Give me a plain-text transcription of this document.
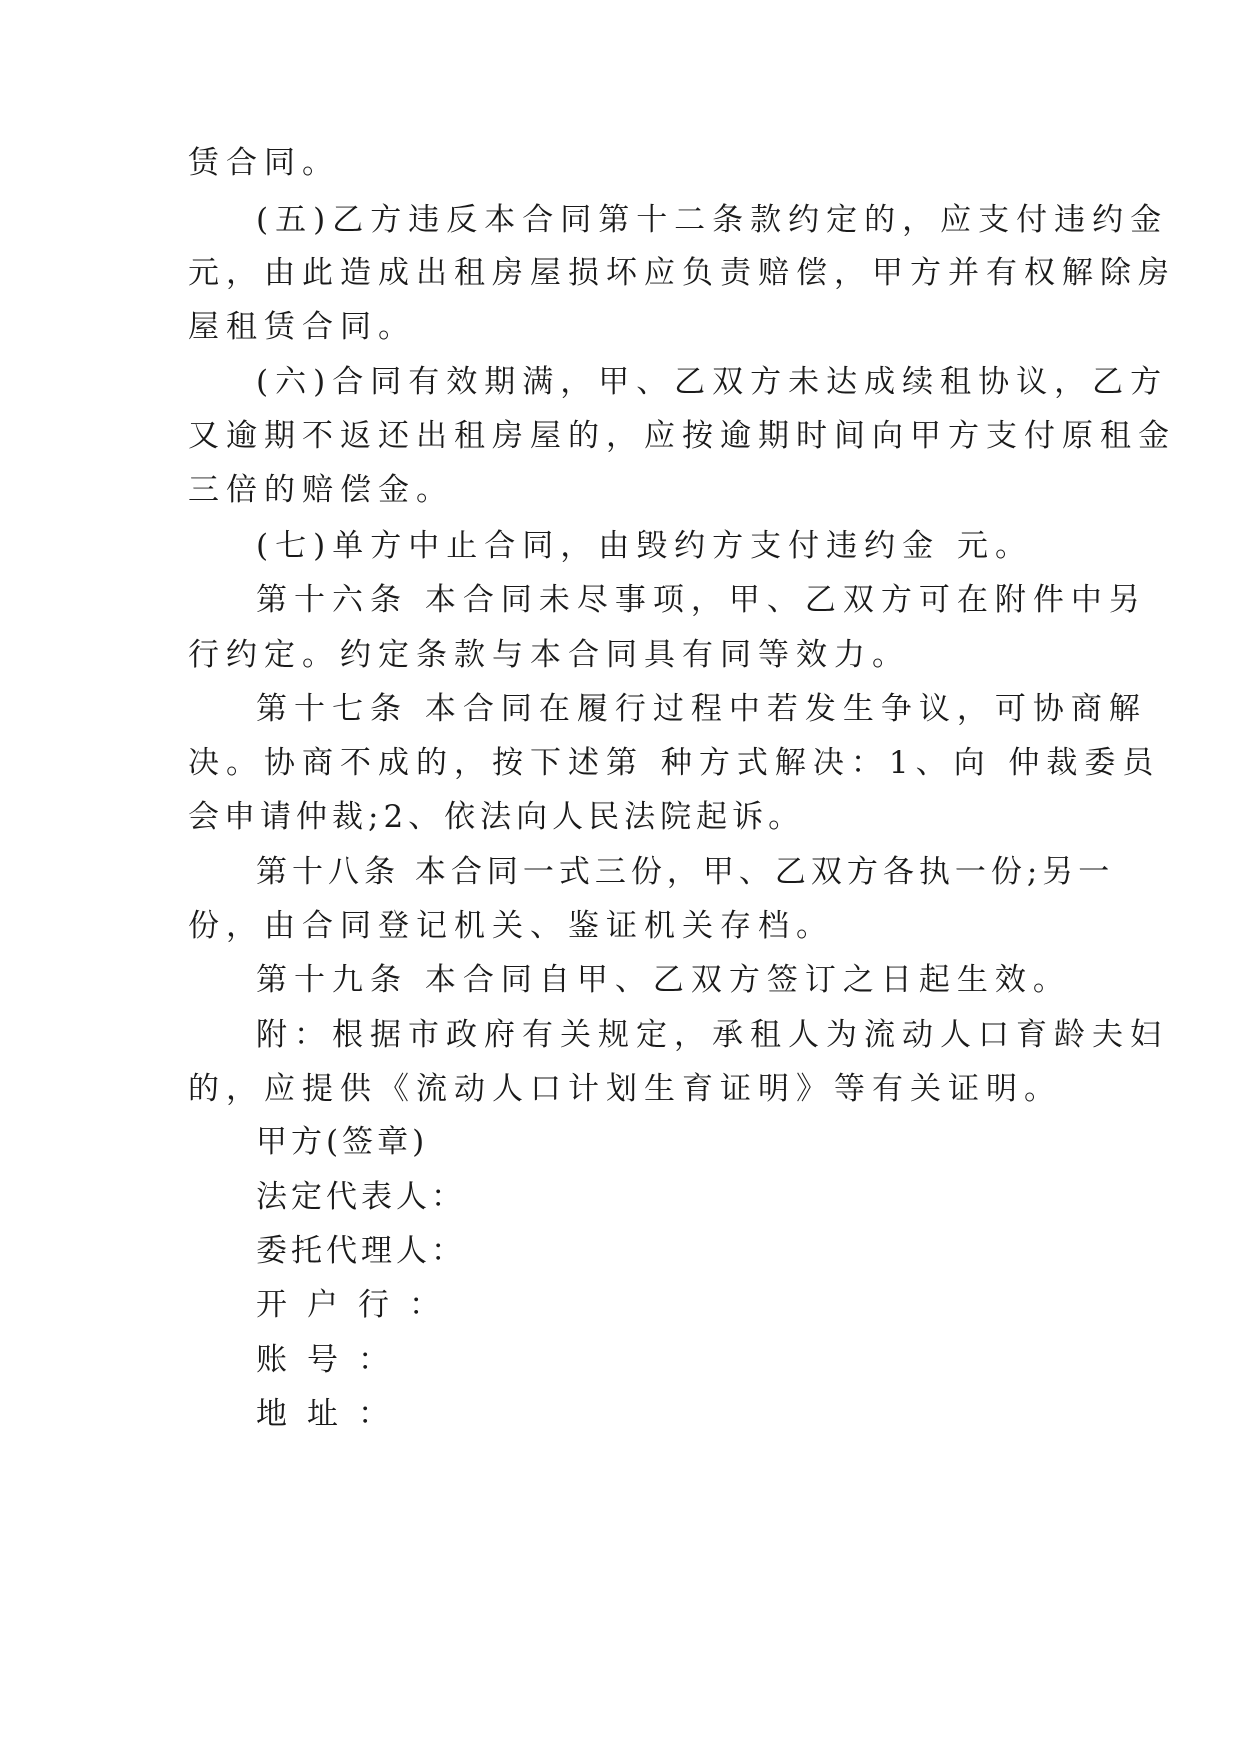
赁合同。

(五)乙方违反本合同第十二条款约定的，应支付违约金

元，由此造成出租房屋损坏应负责赔偿，甲方并有权解除房

屋租赁合同。

(六)合同有效期满，甲、乙双方未达成续租协议，乙方

又逾期不返还出租房屋的，应按逾期时间向甲方支付原租金

三倍的赔偿金。

(七)单方中止合同，由毁约方支付违约金 元。

第十六条 本合同未尽事项，甲、乙双方可在附件中另

行约定。约定条款与本合同具有同等效力。

第十七条 本合同在履行过程中若发生争议，可协商解

决。协商不成的，按下述第 种方式解决：1、向 仲裁委员

会申请仲裁;2、依法向人民法院起诉。

第十八条 本合同一式三份，甲、乙双方各执一份;另一

份，由合同登记机关、鉴证机关存档。

第十九条 本合同自甲、乙双方签订之日起生效。

附：根据市政府有关规定，承租人为流动人口育龄夫妇

的，应提供《流动人口计划生育证明》等有关证明。

甲方(签章)

法定代表人：

委托代理人：

开户行：

账号：

地址：
